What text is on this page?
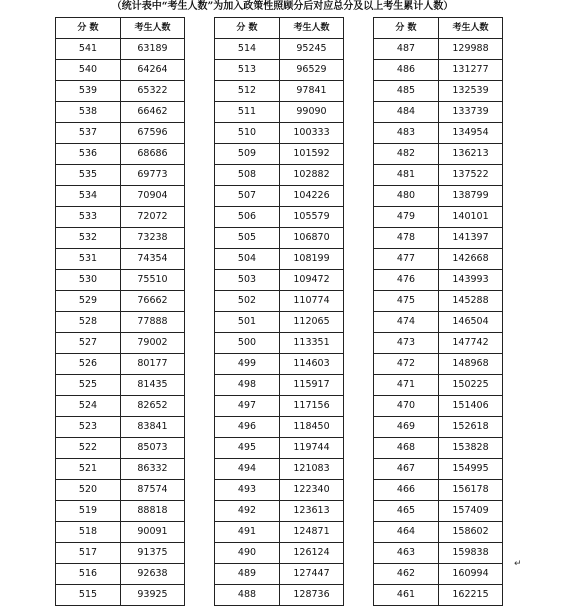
（统计表中“考生人数”为加入政策性照顾分后对应总分及以上考生累计人数）
分 数	考生人数
541	63189
540	64264
539	65322
538	66462
537	67596
536	68686
535	69773
534	70904
533	72072
532	73238
531	74354
530	75510
529	76662
528	77888
527	79002
526	80177
525	81435
524	82652
523	83841
522	85073
521	86332
520	87574
519	88818
518	90091
517	91375
516	92638
515	93925
分 数	考生人数
514	95245
513	96529
512	97841
511	99090
510	100333
509	101592
508	102882
507	104226
506	105579
505	106870
504	108199
503	109472
502	110774
501	112065
500	113351
499	114603
498	115917
497	117156
496	118450
495	119744
494	121083
493	122340
492	123613
491	124871
490	126124
489	127447
488	128736
分 数	考生人数
487	129988
486	131277
485	132539
484	133739
483	134954
482	136213
481	137522
480	138799
479	140101
478	141397
477	142668
476	143993
475	145288
474	146504
473	147742
472	148968
471	150225
470	151406
469	152618
468	153828
467	154995
466	156178
465	157409
464	158602
463	159838
462	160994
461	162215
↵
